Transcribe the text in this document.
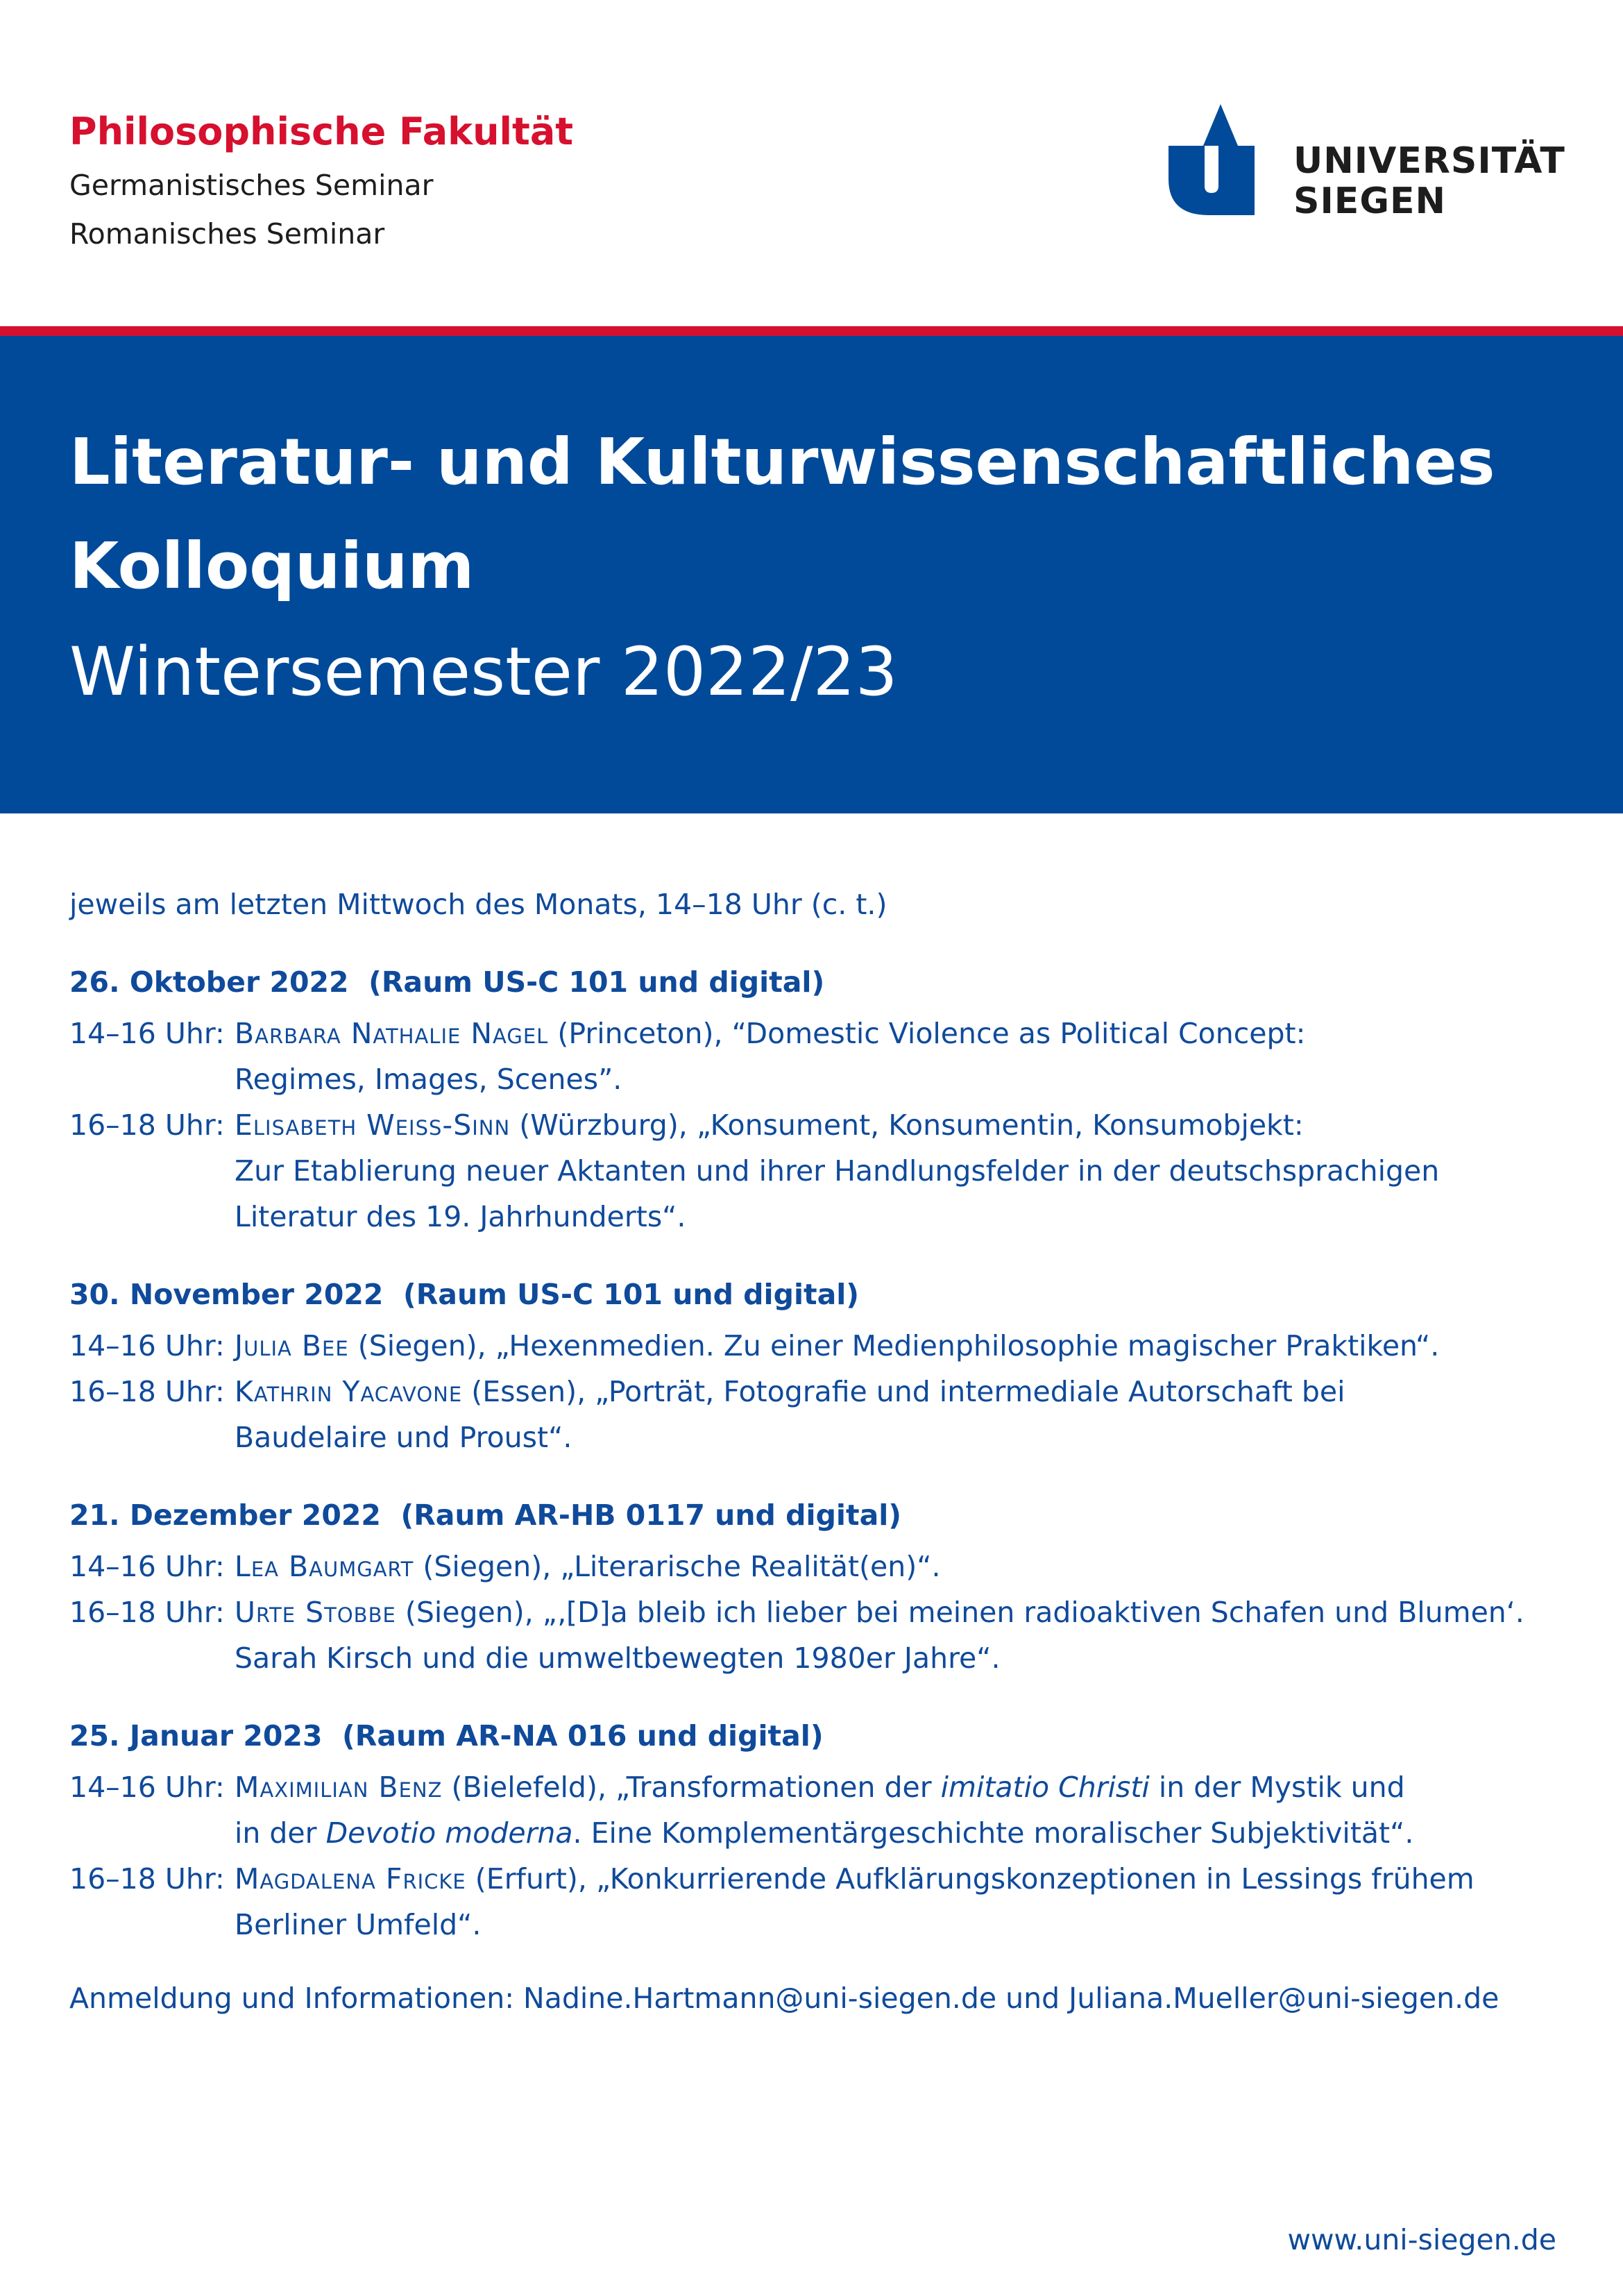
Philosophische Fakultät
Germanistisches Seminar
Romanisches Seminar
UNIVERSITÄT
SIEGEN
Literatur- und Kulturwissenschaftliches
Kolloquium
Wintersemester 2022/23
jeweils am letzten Mittwoch des Monats, 14–18 Uhr (c. t.)
26. Oktober 2022 (Raum US-C 101 und digital)
14–16 Uhr: Barbara Nathalie Nagel (Princeton), “Domestic Violence as Political Concept:
Regimes, Images, Scenes”.
16–18 Uhr: Elisabeth Weiss-Sinn (Würzburg), „Konsument, Konsumentin, Konsumobjekt:
Zur Etablierung neuer Aktanten und ihrer Handlungsfelder in der deutschsprachigen
Literatur des 19. Jahrhunderts“.
30. November 2022 (Raum US-C 101 und digital)
14–16 Uhr: Julia Bee (Siegen), „Hexenmedien. Zu einer Medienphilosophie magischer Praktiken“.
16–18 Uhr: Kathrin Yacavone (Essen), „Porträt, Fotografie und intermediale Autorschaft bei
Baudelaire und Proust“.
21. Dezember 2022 (Raum AR-HB 0117 und digital)
14–16 Uhr: Lea Baumgart (Siegen), „Literarische Realität(en)“.
16–18 Uhr: Urte Stobbe (Siegen), „‚[D]a bleib ich lieber bei meinen radioaktiven Schafen und Blumen‘.
Sarah Kirsch und die umweltbewegten 1980er Jahre“.
25. Januar 2023 (Raum AR-NA 016 und digital)
14–16 Uhr: Maximilian Benz (Bielefeld), „Transformationen der imitatio Christi in der Mystik und
in der Devotio moderna. Eine Komplementärgeschichte moralischer Subjektivität“.
16–18 Uhr: Magdalena Fricke (Erfurt), „Konkurrierende Aufklärungskonzeptionen in Lessings frühem
Berliner Umfeld“.
Anmeldung und Informationen: Nadine.Hartmann@uni-siegen.de und Juliana.Mueller@uni-siegen.de
www.uni-siegen.de
